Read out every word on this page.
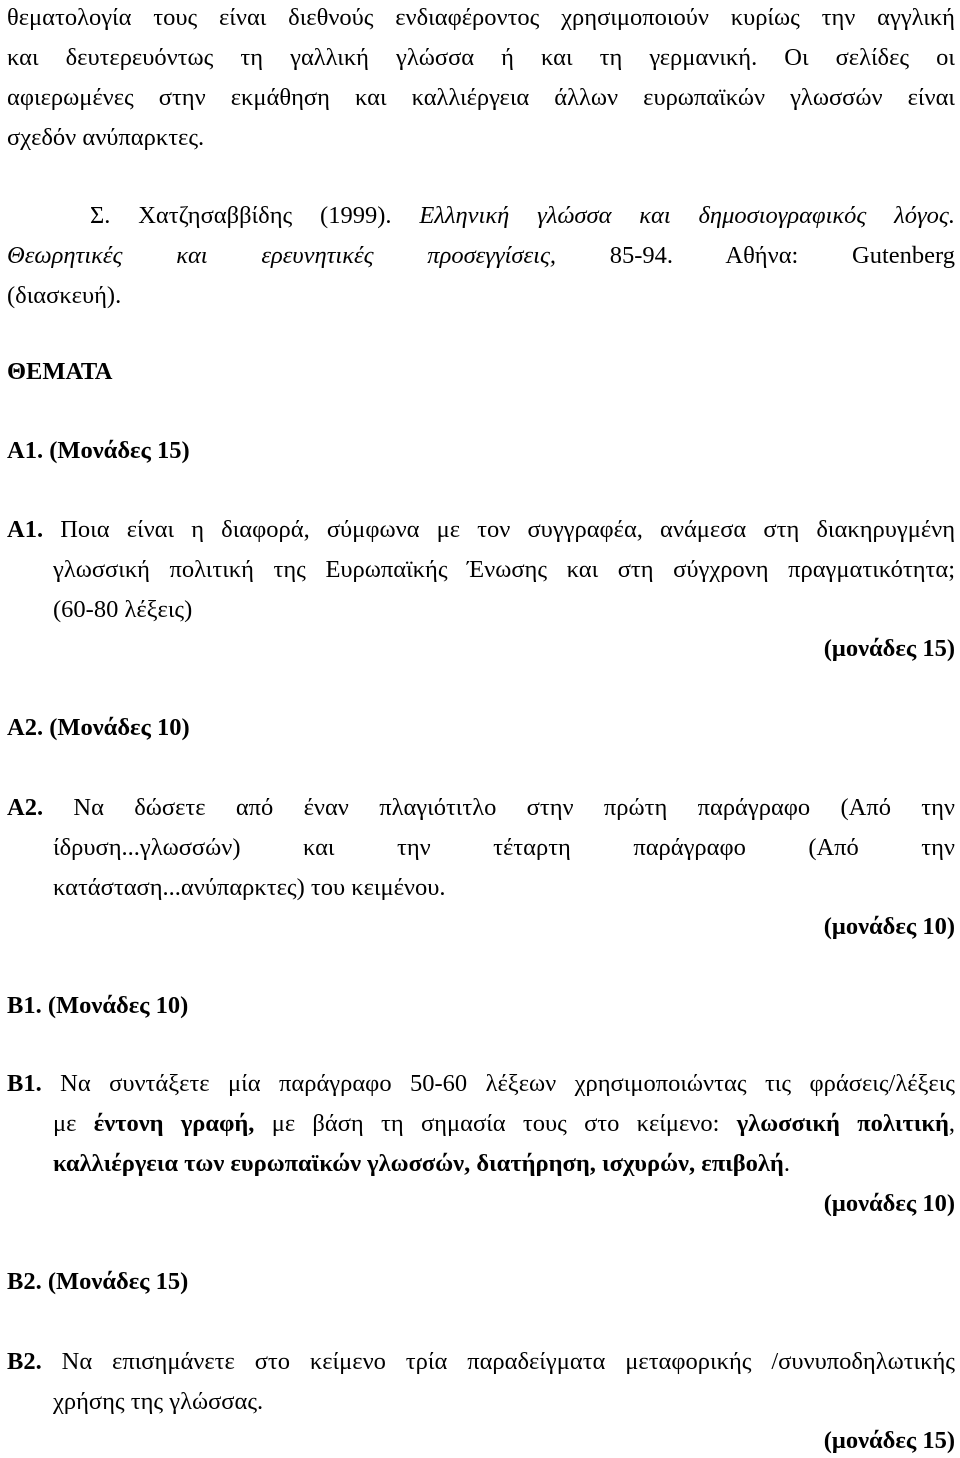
θεματολογία τους είναι διεθνούς ενδιαφέροντος χρησιμοποιούν κυρίως την αγγλική
και δευτερευόντως τη γαλλική γλώσσα ή και τη γερμανική. Οι σελίδες οι
αφιερωμένες στην εκμάθηση και καλλιέργεια άλλων ευρωπαϊκών γλωσσών είναι
σχεδόν ανύπαρκτες.
Σ. Χατζησαββίδης (1999). Ελληνική γλώσσα και δημοσιογραφικός λόγος.
Θεωρητικές και ερευνητικές προσεγγίσεις, 85-94. Αθήνα: Gutenberg
(διασκευή).
ΘΕΜΑΤΑ
Α1. (Μονάδες 15)
Α1. Ποια είναι η διαφορά, σύμφωνα με τον συγγραφέα, ανάμεσα στη διακηρυγμένη
γλωσσική πολιτική της Ευρωπαϊκής Ένωσης και στη σύγχρονη πραγματικότητα;
(60-80 λέξεις)
(μονάδες 15)
Α2. (Μονάδες 10)
Α2. Να δώσετε από έναν πλαγιότιτλο στην πρώτη παράγραφο (Από την
ίδρυση...γλωσσών) και την τέταρτη παράγραφο (Από την
κατάσταση...ανύπαρκτες) του κειμένου.
(μονάδες 10)
Β1. (Μονάδες 10)
Β1. Να συντάξετε μία παράγραφο 50-60 λέξεων χρησιμοποιώντας τις φράσεις/λέξεις
με έντονη γραφή, με βάση τη σημασία τους στο κείμενο: γλωσσική πολιτική,
καλλιέργεια των ευρωπαϊκών γλωσσών, διατήρηση, ισχυρών, επιβολή.
(μονάδες 10)
Β2. (Μονάδες 15)
Β2. Να επισημάνετε στο κείμενο τρία παραδείγματα μεταφορικής /συνυποδηλωτικής
χρήσης της γλώσσας.
(μονάδες 15)
